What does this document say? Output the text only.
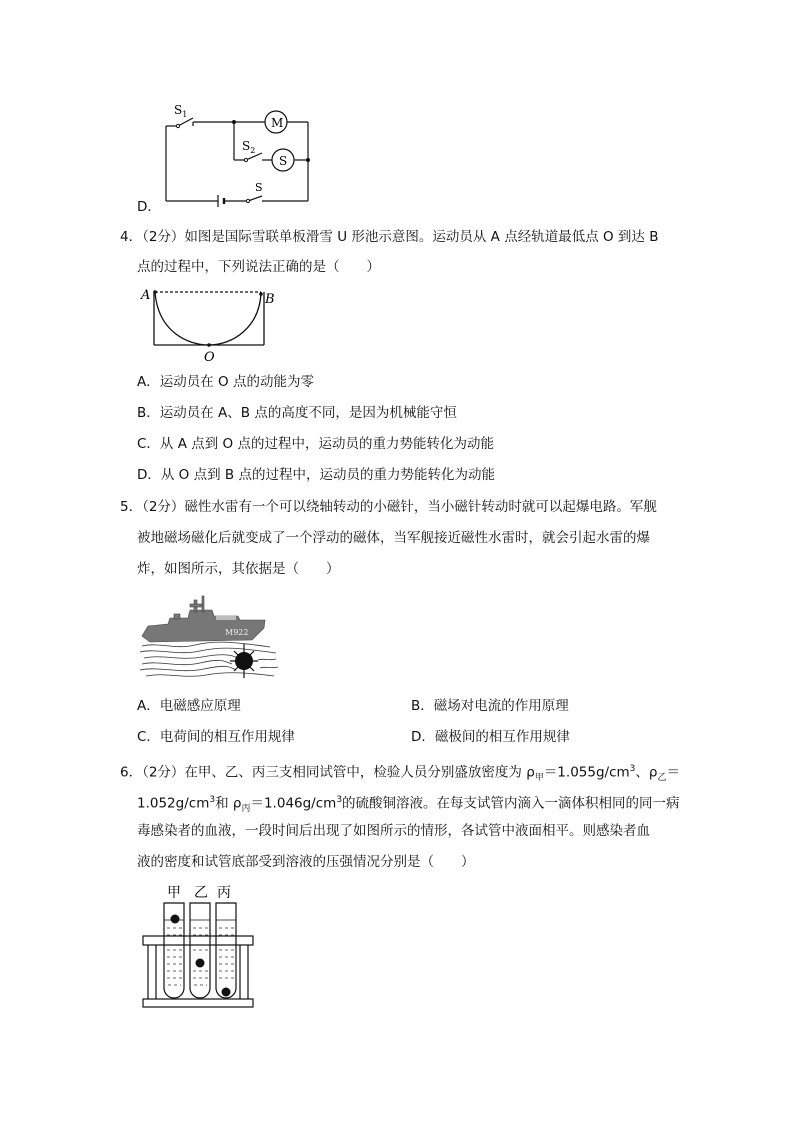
$S_1$
$S_2$
M
S
S
D．
4．（2分）如图是国际雪联单板滑雪 U 形池示意图。运动员从 A 点经轨道最低点 O 到达 B
点的过程中，下列说法正确的是（　　）
A	B
O
A．运动员在 O 点的动能为零
B．运动员在 A、B 点的高度不同，是因为机械能守恒
C．从 A 点到 O 点的过程中，运动员的重力势能转化为动能
D．从 O 点到 B 点的过程中，运动员的重力势能转化为动能
5．（2分）磁性水雷有一个可以绕轴转动的小磁针，当小磁针转动时就可以起爆电路。军舰
被地磁场磁化后就变成了一个浮动的磁体，当军舰接近磁性水雷时，就会引起水雷的爆
炸，如图所示，其依据是（　　）
M922
A．电磁感应原理	B．磁场对电流的作用原理
C．电荷间的相互作用规律	D．磁极间的相互作用规律
6．（2分）在甲、乙、丙三支相同试管中，检验人员分别盛放密度为 $\rho_甲=1.055g/cm^3$、$\rho_乙=$
$1.052g/cm^3$和 $\rho_丙=1.046g/cm^3$的硫酸铜溶液。在每支试管内滴入一滴体积相同的同一病
毒感染者的血液，一段时间后出现了如图所示的情形，各试管中液面相平。则感染者血
液的密度和试管底部受到溶液的压强情况分别是（　　）
甲 乙 丙
